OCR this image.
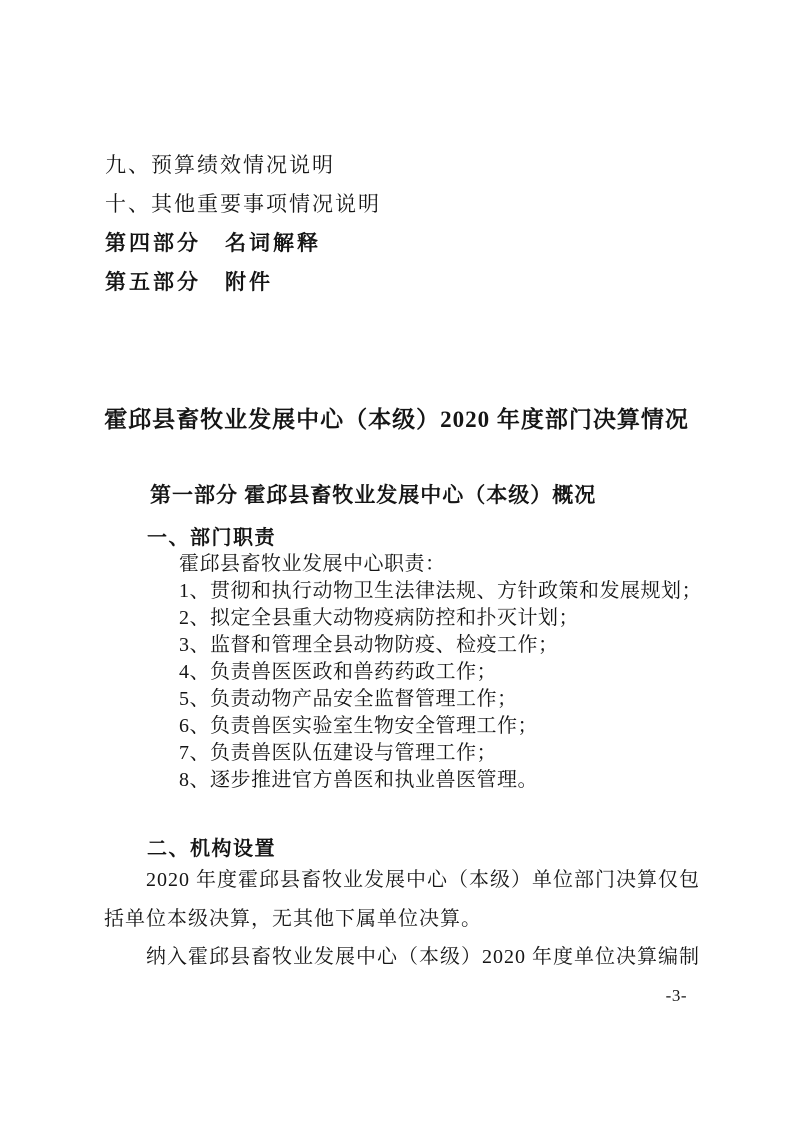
九、预算绩效情况说明
十、其他重要事项情况说明
第四部分　名词解释
第五部分　附件
霍邱县畜牧业发展中心（本级）2020 年度部门决算情况
第一部分 霍邱县畜牧业发展中心（本级）概况
一、部门职责
霍邱县畜牧业发展中心职责：
1、贯彻和执行动物卫生法律法规、方针政策和发展规划；
2、拟定全县重大动物疫病防控和扑灭计划；
3、监督和管理全县动物防疫、检疫工作；
4、负责兽医医政和兽药药政工作；
5、负责动物产品安全监督管理工作；
6、负责兽医实验室生物安全管理工作；
7、负责兽医队伍建设与管理工作；
8、逐步推进官方兽医和执业兽医管理。
二、机构设置
2020 年度霍邱县畜牧业发展中心（本级）单位部门决算仅包
括单位本级决算，无其他下属单位决算。
纳入霍邱县畜牧业发展中心（本级）2020 年度单位决算编制
-3-
